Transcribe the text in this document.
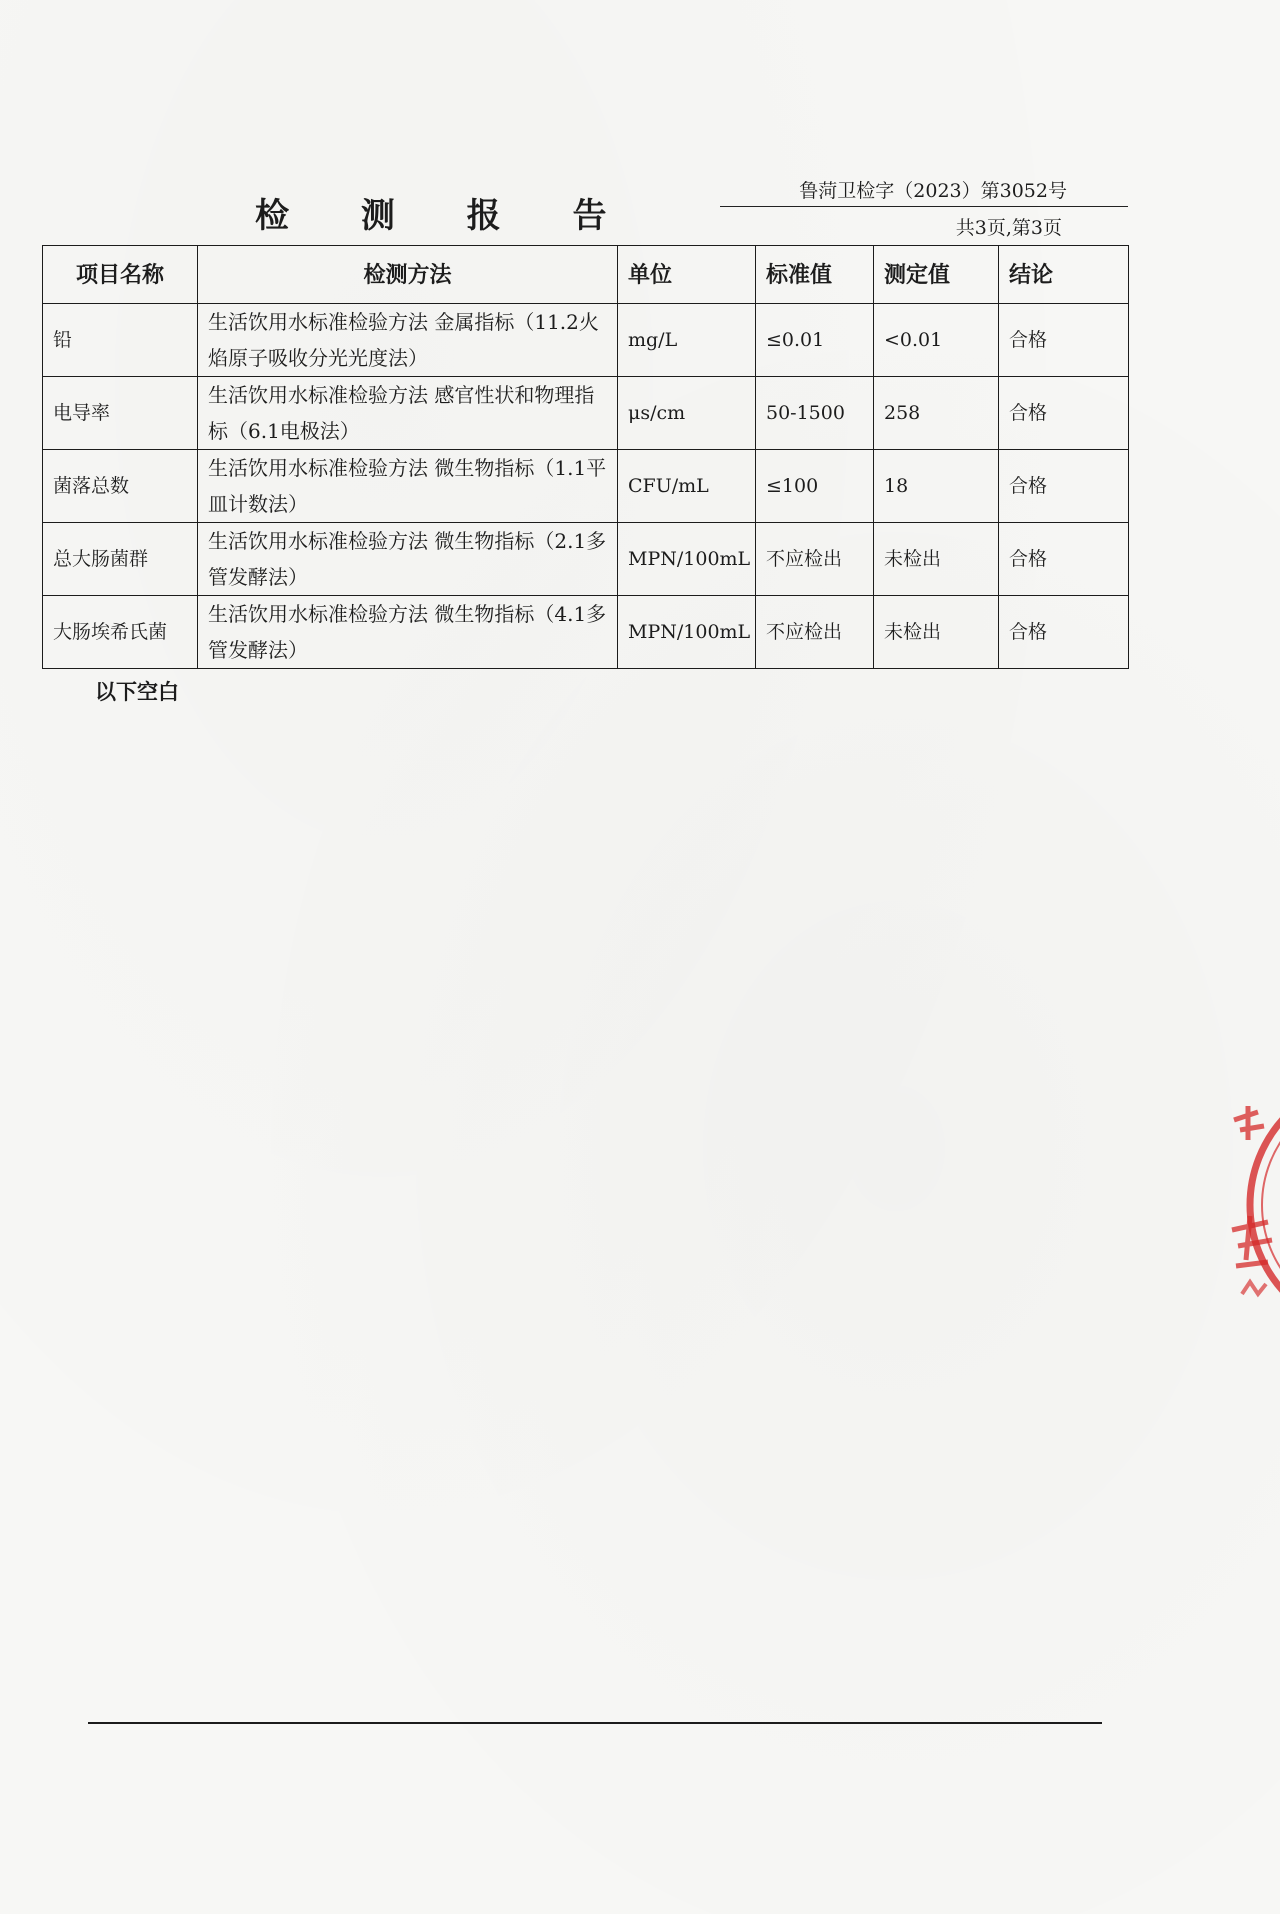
检 测 报 告
鲁菏卫检字（2023）第3052号
共3页,第3页
项目名称	检测方法	单位	标准值	测定值	结论
铅	生活饮用水标准检验方法 金属指标（11.2火焰原子吸收分光光度法）	mg/L	≤0.01	<0.01	合格
电导率	生活饮用水标准检验方法 感官性状和物理指标（6.1电极法）	μs/cm	50-1500	258	合格
菌落总数	生活饮用水标准检验方法 微生物指标（1.1平皿计数法）	CFU/mL	≤100	18	合格
总大肠菌群	生活饮用水标准检验方法 微生物指标（2.1多管发酵法）	MPN/100mL	不应检出	未检出	合格
大肠埃希氏菌	生活饮用水标准检验方法 微生物指标（4.1多管发酵法）	MPN/100mL	不应检出	未检出	合格
以下空白
